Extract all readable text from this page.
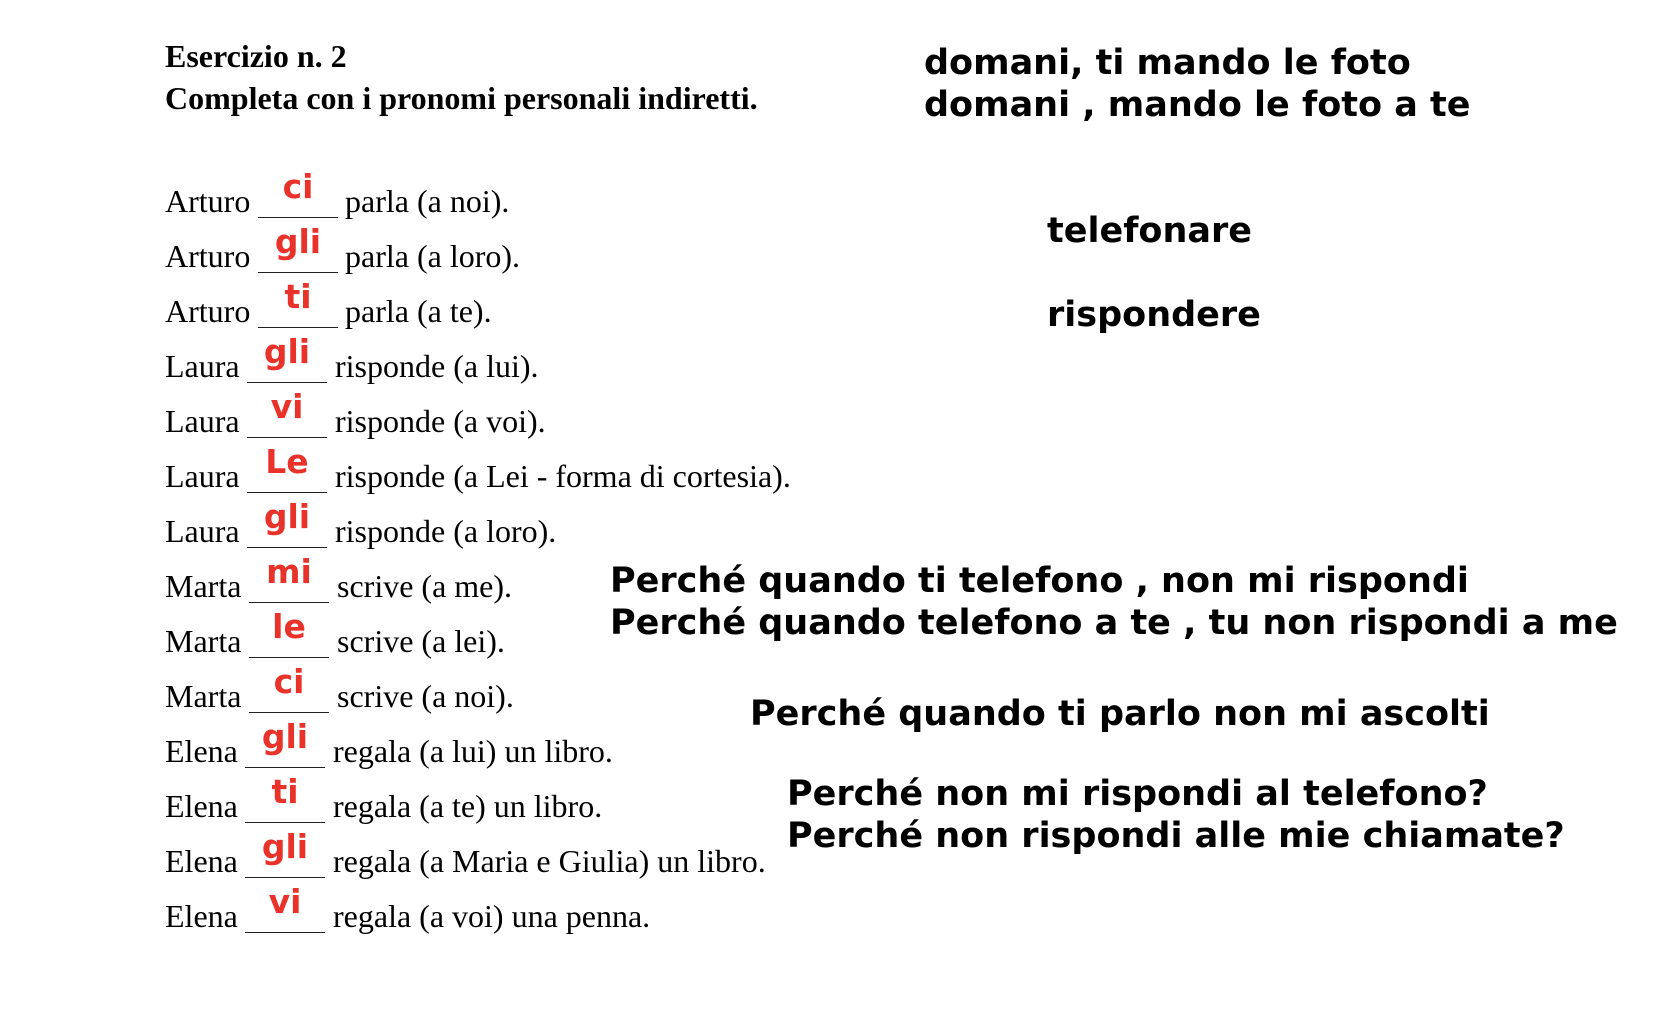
Esercizio n. 2
Completa con i pronomi personali indiretti.
Arturo ci parla (a noi).
Arturo gli parla (a loro).
Arturo	ti	parla (a te).
Laura gli risponde (a lui).
Laura vi risponde (a voi).
Laura Le risponde (a Lei - forma di cortesia).
Laura gli risponde (a loro).
Marta mi scrive (a me).
Marta le scrive (a lei).
Marta ci	scrive (a noi).
Elena gli regala (a lui) un libro.
Elena	ti	regala (a te) un libro.
Elena gli regala (a Maria e Giulia) un libro.
Elena vi regala (a voi) una penna.
domani, ti mando le foto
domani , mando le foto a te
telefonare
rispondere
Perché quando ti telefono , non mi rispondi
Perché quando telefono a te , tu non rispondi a me
Perché quando ti parlo non mi ascolti
Perché non mi rispondi al telefono?
Perché non rispondi alle mie chiamate?
